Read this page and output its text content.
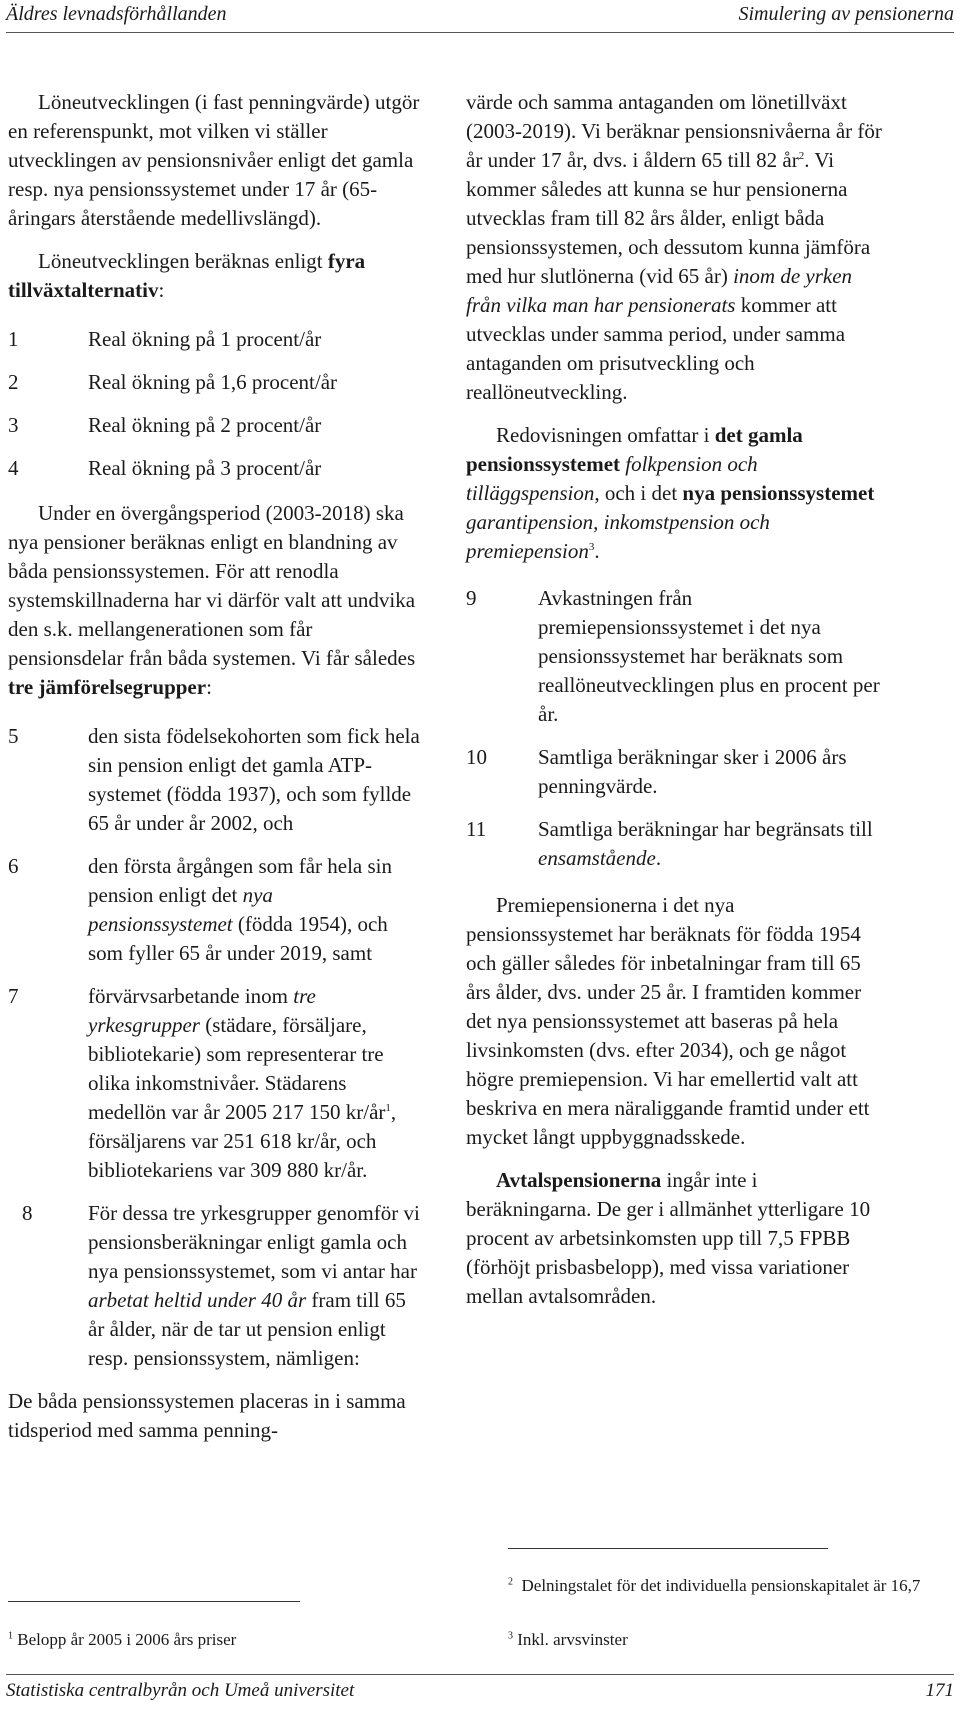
Äldres levnadsförhållanden	Simulering av pensionerna

Löneutvecklingen (i fast penningvärde) utgör en referenspunkt, mot vilken vi ställer utvecklingen av pensionsnivåer enligt det gamla resp. nya pensionssystemet under 17 år (65-åringars återstående medellivslängd).

Löneutvecklingen beräknas enligt fyra tillväxtalternativ:

1	Real ökning på 1 procent/år
2	Real ökning på 1,6 procent/år
3	Real ökning på 2 procent/år
4	Real ökning på 3 procent/år

Under en övergångsperiod (2003-2018) ska nya pensioner beräknas enligt en blandning av båda pensionssystemen. För att renodla systemskillnaderna har vi därför valt att undvika den s.k. mellangenerationen som får pensionsdelar från båda systemen. Vi får således tre jämförelsegrupper:

5	den sista födelsekohorten som fick hela sin pension enligt det gamla ATP-systemet (födda 1937), och som fyllde 65 år under år 2002, och
6	den första årgången som får hela sin pension enligt det nya pensionssystemet (födda 1954), och som fyller 65 år under 2019, samt
7	förvärvsarbetande inom tre yrkesgrupper (städare, försäljare, bibliotekarie) som representerar tre olika inkomstnivåer. Städarens medellön var år 2005 217 150 $kr/år^1$, försäljarens var 251 618 kr/år, och bibliotekariens var 309 880 kr/år.
8	För dessa tre yrkesgrupper genomför vi pensionsberäkningar enligt gamla och nya pensionssystemet, som vi antar har arbetat heltid under 40 år fram till 65 år ålder, när de tar ut pension enligt resp. pensionssystem, nämligen:

De båda pensionssystemen placeras in i samma tidsperiod med samma penning-

$^1$ Belopp år 2005 i 2006 års priser

värde och samma antaganden om lönetillväxt (2003-2019). Vi beräknar pensionsnivåerna år för år under 17 år, dvs. i åldern 65 till 82 $år^2$. Vi kommer således att kunna se hur pensionerna utvecklas fram till 82 års ålder, enligt båda pensionssystemen, och dessutom kunna jämföra med hur slutlönerna (vid 65 år) inom de yrken från vilka man har pensionerats kommer att utvecklas under samma period, under samma antaganden om prisutveckling och reallöneutveckling.

Redovisningen omfattar i det gamla pensionssystemet folkpension och tilläggspension, och i det nya pensionssystemet garantipension, inkomstpension och premiepension$^3$.

9	Avkastningen från premiepensionssystemet i det nya pensionssystemet har beräknats som reallöneutvecklingen plus en procent per år.
10	Samtliga beräkningar sker i 2006 års penningvärde.
11	Samtliga beräkningar har begränsats till ensamstående.

Premiepensionerna i det nya pensionssystemet har beräknats för födda 1954 och gäller således för inbetalningar fram till 65 års ålder, dvs. under 25 år. I framtiden kommer det nya pensionssystemet att baseras på hela livsinkomsten (dvs. efter 2034), och ge något högre premiepension. Vi har emellertid valt att beskriva en mera näraliggande framtid under ett mycket långt uppbyggnadsskede.

Avtalspensionerna ingår inte i beräkningarna. De ger i allmänhet ytterligare 10 procent av arbetsinkomsten upp till 7,5 FPBB (förhöjt prisbasbelopp), med vissa variationer mellan avtalsområden.

$^2$ Delningstalet för det individuella pensionskapitalet är 16,7
$^3$ Inkl. arvsvinster
Statistiska centralbyrån och Umeå universitet	171
